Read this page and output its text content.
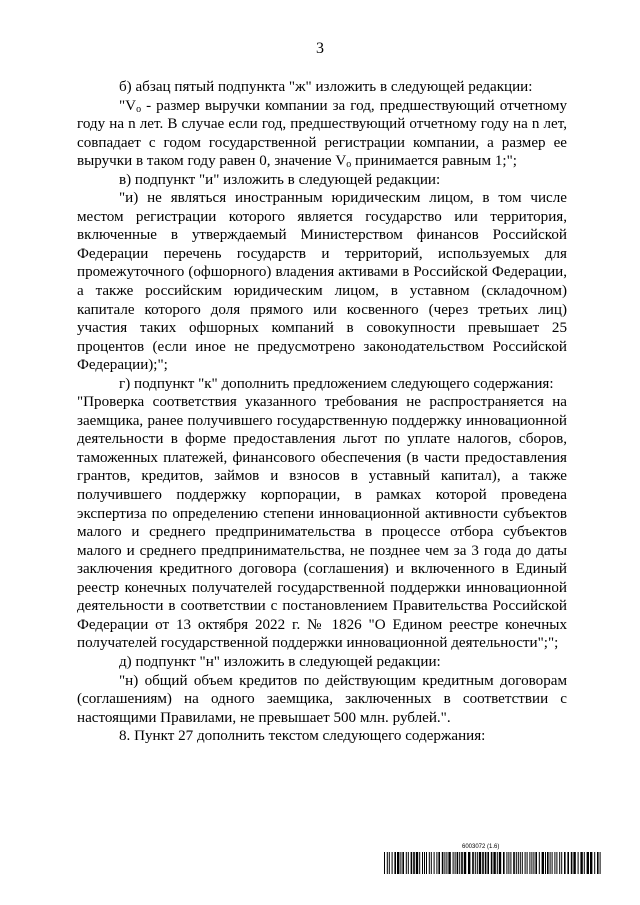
3

б) абзац пятый подпункта "ж" изложить в следующей редакции:

"$V_о$ - размер выручки компании за год, предшествующий отчетному году на n лет. В случае если год, предшествующий отчетному году на n лет, совпадает с годом государственной регистрации компании, а размер ее выручки в таком году равен 0, значение $V_о$ принимается равным 1;";

в) подпункт "и" изложить в следующей редакции:

"и) не являться иностранным юридическим лицом, в том числе местом регистрации которого является государство или территория, включенные в утверждаемый Министерством финансов Российской Федерации перечень государств и территорий, используемых для промежуточного (офшорного) владения активами в Российской Федерации, а также российским юридическим лицом, в уставном (складочном) капитале которого доля прямого или косвенного (через третьих лиц) участия таких офшорных компаний в совокупности превышает 25 процентов (если иное не предусмотрено законодательством Российской Федерации);";

г) подпункт "к" дополнить предложением следующего содержания:

"Проверка соответствия указанного требования не распространяется на заемщика, ранее получившего государственную поддержку инновационной деятельности в форме предоставления льгот по уплате налогов, сборов, таможенных платежей, финансового обеспечения (в части предоставления грантов, кредитов, займов и взносов в уставный капитал), а также получившего поддержку корпорации, в рамках которой проведена экспертиза по определению степени инновационной активности субъектов малого и среднего предпринимательства в процессе отбора субъектов малого и среднего предпринимательства, не позднее чем за 3 года до даты заключения кредитного договора (соглашения) и включенного в Единый реестр конечных получателей государственной поддержки инновационной деятельности в соответствии с постановлением Правительства Российской Федерации от 13 октября 2022 г. № 1826 "О Едином реестре конечных получателей государственной поддержки инновационной деятельности";";

д) подпункт "н" изложить в следующей редакции:

"н) общий объем кредитов по действующим кредитным договорам (соглашениям) на одного заемщика, заключенных в соответствии с настоящими Правилами, не превышает 500 млн. рублей.".

8. Пункт 27 дополнить текстом следующего содержания:

6003072 (1.6)
